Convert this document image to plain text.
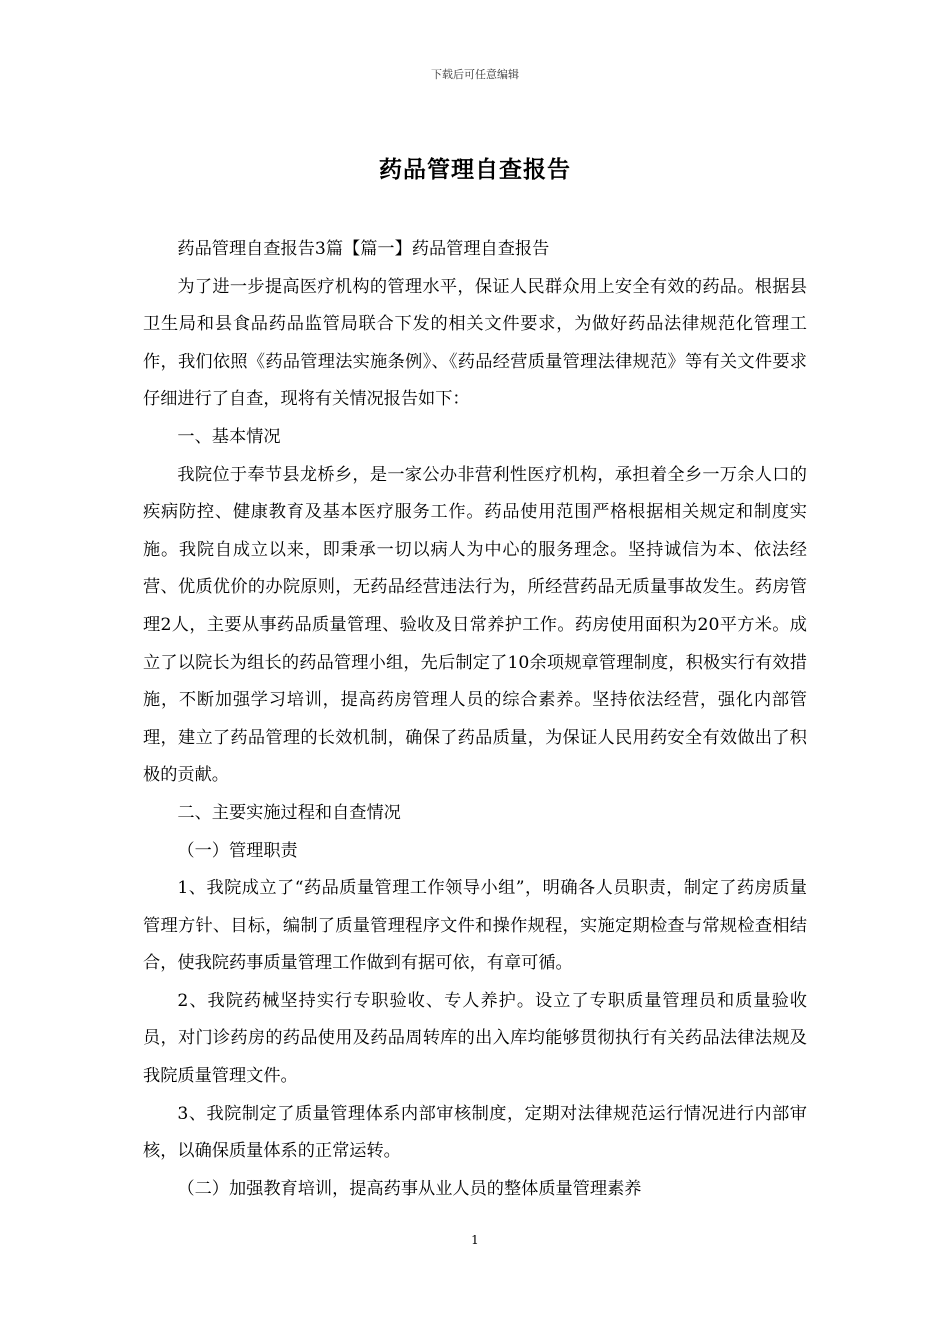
下载后可任意编辑
药品管理自查报告

药品管理自查报告3篇【篇一】药品管理自查报告

为了进一步提高医疗机构的管理水平，保证人民群众用上安全有效的药品。根据县卫生局和县食品药品监管局联合下发的相关文件要求，为做好药品法律规范化管理工作，我们依照《药品管理法实施条例》、《药品经营质量管理法律规范》等有关文件要求仔细进行了自查，现将有关情况报告如下：

一、基本情况

我院位于奉节县龙桥乡，是一家公办非营利性医疗机构，承担着全乡一万余人口的疾病防控、健康教育及基本医疗服务工作。药品使用范围严格根据相关规定和制度实施。我院自成立以来，即秉承一切以病人为中心的服务理念。坚持诚信为本、依法经营、优质优价的办院原则，无药品经营违法行为，所经营药品无质量事故发生。药房管理2人，主要从事药品质量管理、验收及日常养护工作。药房使用面积为20平方米。成立了以院长为组长的药品管理小组，先后制定了10余项规章管理制度，积极实行有效措施，不断加强学习培训，提高药房管理人员的综合素养。坚持依法经营，强化内部管理，建立了药品管理的长效机制，确保了药品质量，为保证人民用药安全有效做出了积极的贡献。

二、主要实施过程和自查情况

（一）管理职责

1、我院成立了“药品质量管理工作领导小组”，明确各人员职责，制定了药房质量管理方针、目标，编制了质量管理程序文件和操作规程，实施定期检查与常规检查相结合，使我院药事质量管理工作做到有据可依，有章可循。

2、我院药械坚持实行专职验收、专人养护。设立了专职质量管理员和质量验收员，对门诊药房的药品使用及药品周转库的出入库均能够贯彻执行有关药品法律法规及我院质量管理文件。

3、我院制定了质量管理体系内部审核制度，定期对法律规范运行情况进行内部审核，以确保质量体系的正常运转。

（二）加强教育培训，提高药事从业人员的整体质量管理素养

1
